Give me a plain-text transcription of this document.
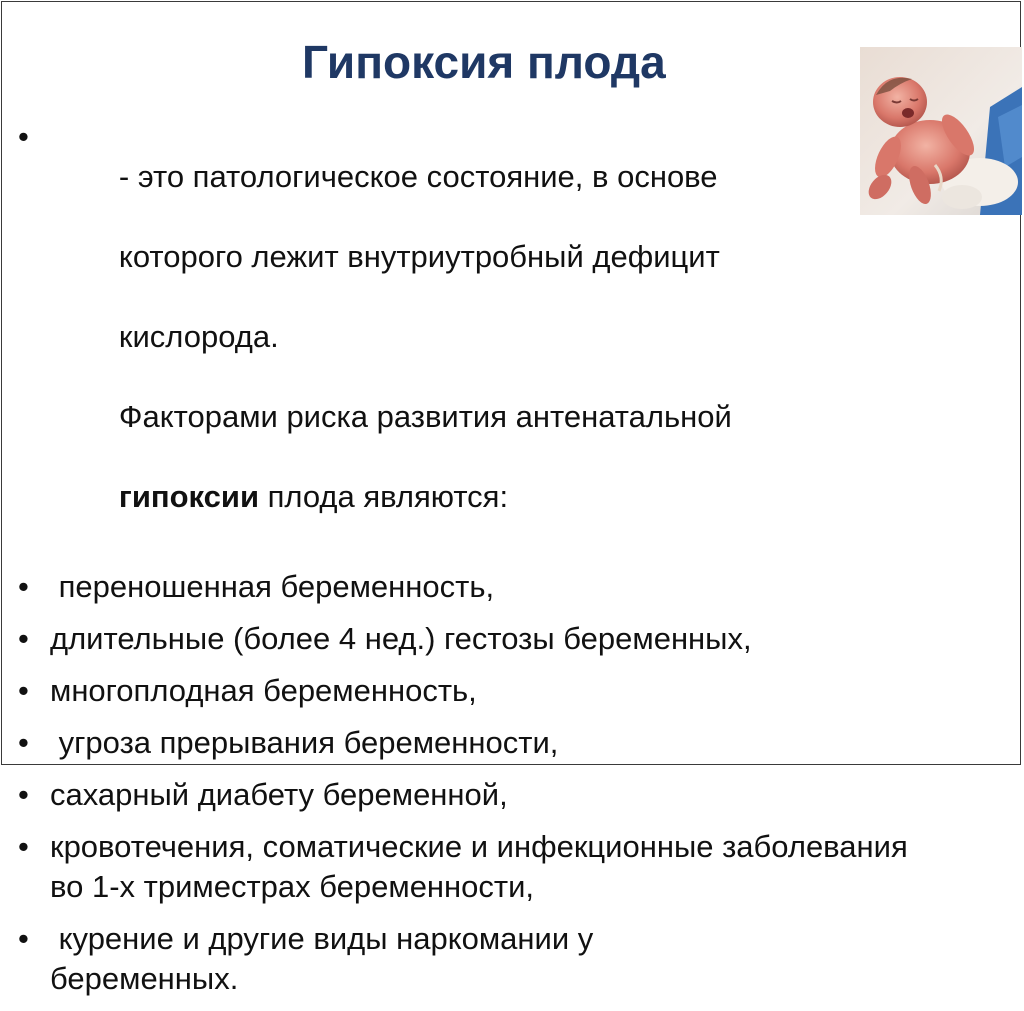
Гипоксия плода
•

- это патологическое состояние, в основе

которого лежит внутриутробный дефицит

кислорода.

Факторами риска развития антенатальной

гипоксии плода являются:

• переношенная беременность,
• длительные (более 4 нед.) гестозы беременных,
• многоплодная беременность,
• угроза прерывания беременности,
• сахарный диабету беременной,
• кровотечения, соматические и инфекционные заболевания во 1-х триместрах беременности,
• курение и другие виды наркомании у беременных.
